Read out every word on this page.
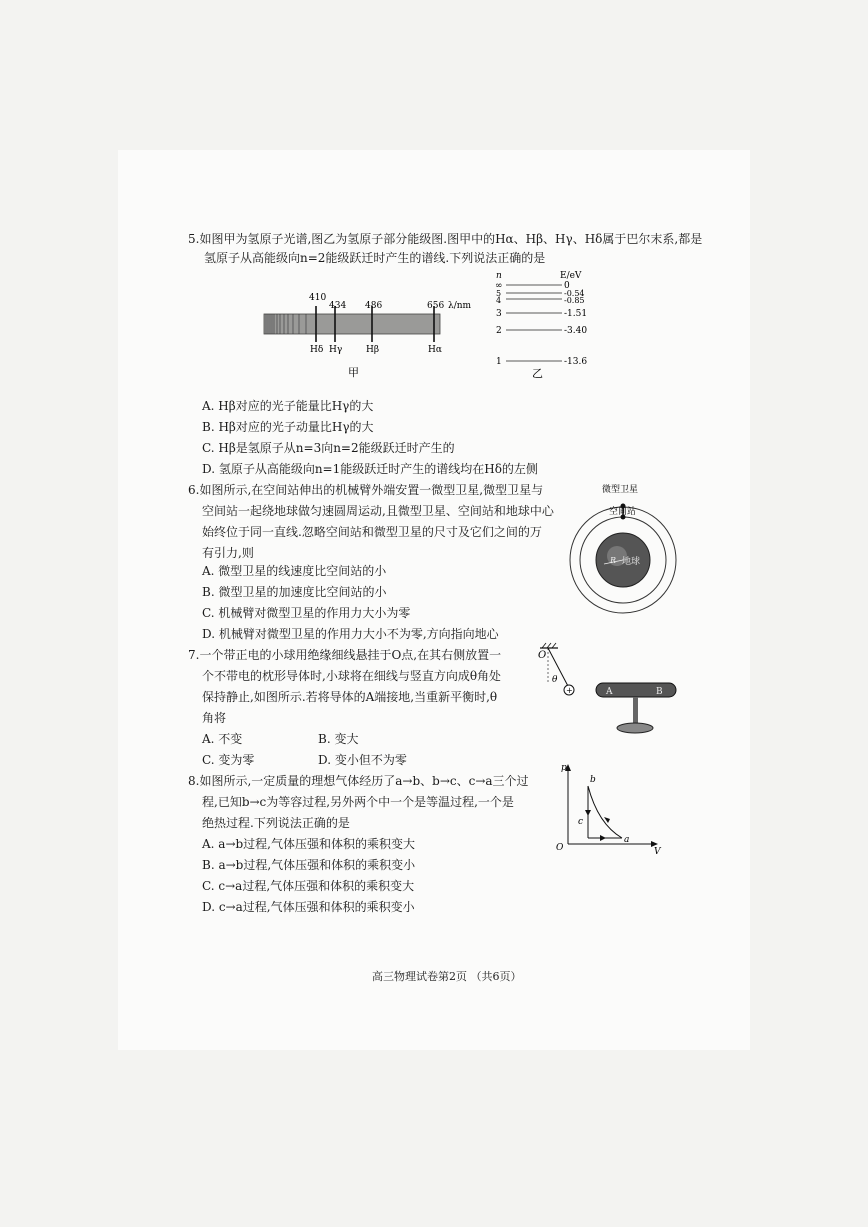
5.如图甲为氢原子光谱,图乙为氢原子部分能级图.图甲中的Hα、Hβ、Hγ、Hδ属于巴尔末系,都是
氢原子从高能级向n=2能级跃迁时产生的谱线.下列说法正确的是
410
434 486	656 λ/nm
Hδ Hγ	Hβ	Hα
甲
n	E/eV
∞	0
5	-0.54
4	-0.85
3	-1.51
2	-3.40
1	-13.6
乙
A. Hβ对应的光子能量比Hγ的大
B. Hβ对应的光子动量比Hγ的大
C. Hβ是氢原子从n=3向n=2能级跃迁时产生的
D. 氢原子从高能级向n=1能级跃迁时产生的谱线均在Hδ的左侧
6.如图所示,在空间站伸出的机械臂外端安置一微型卫星,微型卫星与
空间站一起绕地球做匀速圆周运动,且微型卫星、空间站和地球中心
始终位于同一直线.忽略空间站和微型卫星的尺寸及它们之间的万
有引力,则
A. 微型卫星的线速度比空间站的小
B. 微型卫星的加速度比空间站的小
C. 机械臂对微型卫星的作用力大小为零
D. 机械臂对微型卫星的作用力大小不为零,方向指向地心
微型卫星
空间站
地球
R
7.一个带正电的小球用绝缘细线悬挂于O点,在其右侧放置一
个不带电的枕形导体时,小球将在细线与竖直方向成θ角处
保持静止,如图所示.若将导体的A端接地,当重新平衡时,θ
角将
A. 不变	B. 变大
C. 变为零	D. 变小但不为零
+
O
θ
A	B
8.如图所示,一定质量的理想气体经历了a→b、b→c、c→a三个过
程,已知b→c为等容过程,另外两个中一个是等温过程,一个是
绝热过程.下列说法正确的是
A. a→b过程,气体压强和体积的乘积变大
B. a→b过程,气体压强和体积的乘积变小
C. c→a过程,气体压强和体积的乘积变大
D. c→a过程,气体压强和体积的乘积变小
p
V
O
b
c
a
高三物理试卷第2页 （共6页）
